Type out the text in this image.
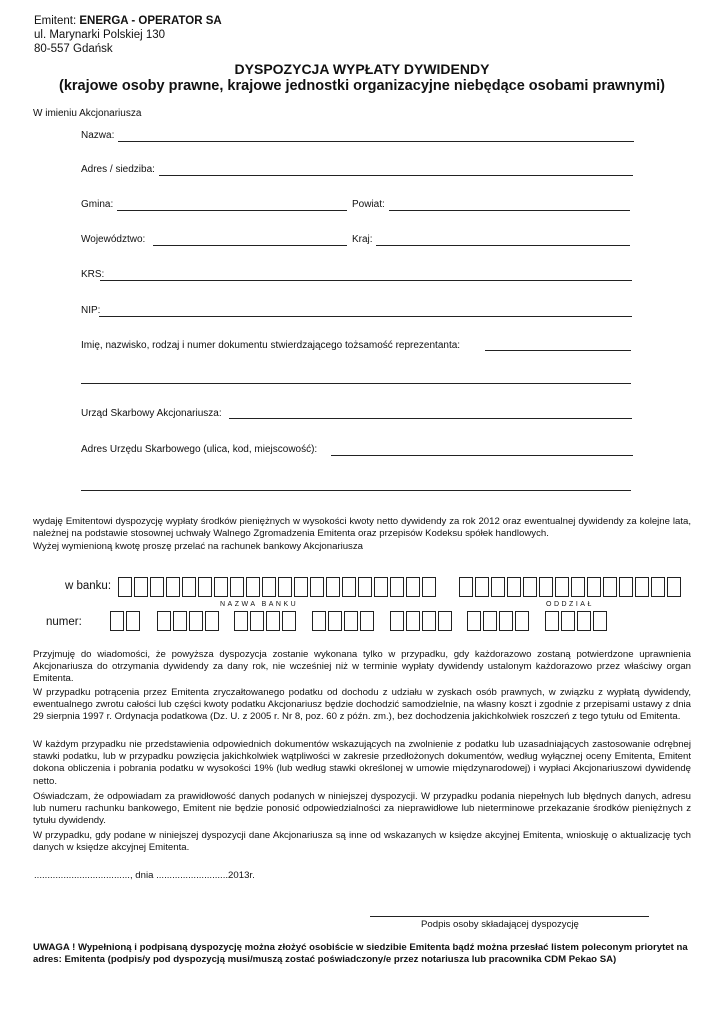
Emitent: ENERGA - OPERATOR SA
ul. Marynarki Polskiej 130
80-557 Gdańsk
DYSPOZYCJA WYPŁATY DYWIDENDY
(krajowe osoby prawne, krajowe jednostki organizacyjne niebędące osobami prawnymi)
W imieniu Akcjonariusza
Nazwa:
Adres / siedziba:
Gmina:	Powiat:
Województwo:	Kraj:
KRS:
NIP:
Imię, nazwisko, rodzaj i numer dokumentu stwierdzającego tożsamość reprezentanta:
Urząd Skarbowy Akcjonariusza:
Adres Urzędu Skarbowego (ulica, kod, miejscowość):
wydaję Emitentowi dyspozycję wypłaty środków pieniężnych w wysokości kwoty netto dywidendy za rok 2012 oraz ewentualnej dywidendy za kolejne lata, należnej na podstawie stosownej uchwały Walnego Zgromadzenia Emitenta oraz przepisów Kodeksu spółek handlowych.
Wyżej wymienioną kwotę proszę przelać na rachunek bankowy Akcjonariusza
w banku:
NAZWA BANKU	ODDZIAŁ
numer:
Przyjmuję do wiadomości, że powyższa dyspozycja zostanie wykonana tylko w przypadku, gdy każdorazowo zostaną potwierdzone uprawnienia Akcjonariusza do otrzymania dywidendy za dany rok, nie wcześniej niż w terminie wypłaty dywidendy ustalonym każdorazowo przez właściwy organ Emitenta.
W przypadku potrącenia przez Emitenta zryczałtowanego podatku od dochodu z udziału w zyskach osób prawnych, w związku z wypłatą dywidendy, ewentualnego zwrotu całości lub części kwoty podatku Akcjonariusz będzie dochodzić samodzielnie, na własny koszt i zgodnie z przepisami ustawy z dnia 29 sierpnia 1997 r. Ordynacja podatkowa (Dz. U. z 2005 r. Nr 8, poz. 60 z późn. zm.), bez dochodzenia jakichkolwiek roszczeń z tego tytułu od Emitenta.
W każdym przypadku nie przedstawienia odpowiednich dokumentów wskazujących na zwolnienie z podatku lub uzasadniających zastosowanie odrębnej stawki podatku, lub w przypadku powzięcia jakichkolwiek wątpliwości w zakresie przedłożonych dokumentów, według wyłącznej oceny Emitenta, Emitent dokona obliczenia i pobrania podatku w wysokości 19% (lub według stawki określonej w umowie międzynarodowej) i wypłaci Akcjonariuszowi dywidendę netto.
Oświadczam, że odpowiadam za prawidłowość danych podanych w niniejszej dyspozycji. W przypadku podania niepełnych lub błędnych danych, adresu lub numeru rachunku bankowego, Emitent nie będzie ponosić odpowiedzialności za nieprawidłowe lub nieterminowe przekazanie środków pieniężnych z tytułu dywidendy.
W przypadku, gdy podane w niniejszej dyspozycji dane Akcjonariusza są inne od wskazanych w księdze akcyjnej Emitenta, wnioskuję o aktualizację tych danych w księdze akcyjnej Emitenta.
...................................., dnia ...........................2013r.
Podpis osoby składającej dyspozycję
UWAGA ! Wypełnioną i podpisaną dyspozycję można złożyć osobiście w siedzibie Emitenta bądź można przesłać listem poleconym priorytet na adres: Emitenta (podpis/y pod dyspozycją musi/muszą zostać poświadczony/e przez notariusza lub pracownika CDM Pekao SA)
